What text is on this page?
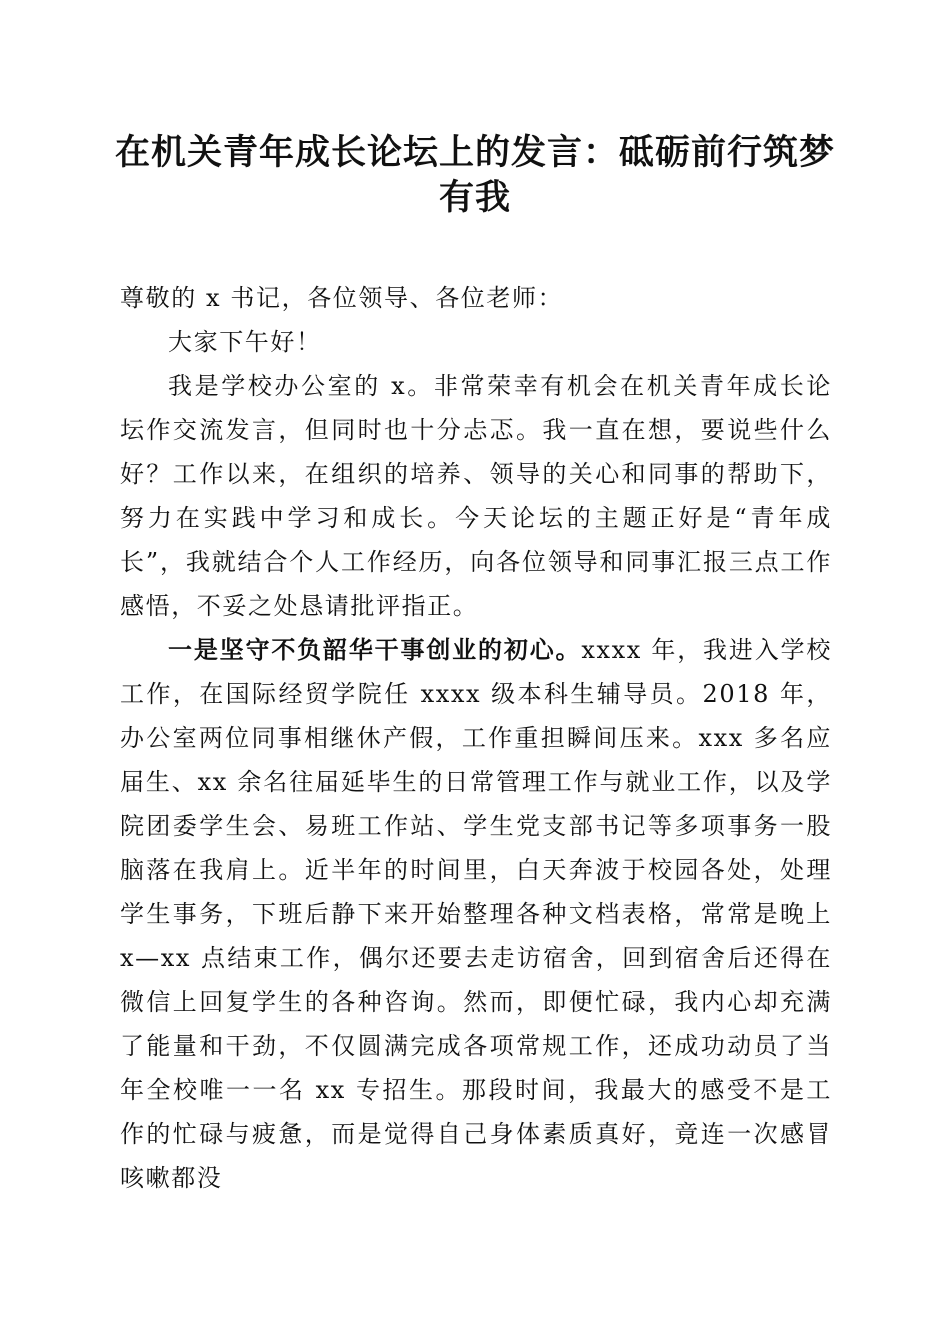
在机关青年成长论坛上的发言：砥砺前行筑梦
有我

尊敬的 x 书记，各位领导、各位老师：

大家下午好！

我是学校办公室的 x。非常荣幸有机会在机关青年成长论坛作交流发言，但同时也十分忐忑。我一直在想，要说些什么好？工作以来，在组织的培养、领导的关心和同事的帮助下，努力在实践中学习和成长。今天论坛的主题正好是“青年成长”，我就结合个人工作经历，向各位领导和同事汇报三点工作感悟，不妥之处恳请批评指正。

一是坚守不负韶华干事创业的初心。xxxx 年，我进入学校工作，在国际经贸学院任 xxxx 级本科生辅导员。2018 年，办公室两位同事相继休产假，工作重担瞬间压来。xxx 多名应届生、xx 余名往届延毕生的日常管理工作与就业工作，以及学院团委学生会、易班工作站、学生党支部书记等多项事务一股脑落在我肩上。近半年的时间里，白天奔波于校园各处，处理学生事务，下班后静下来开始整理各种文档表格，常常是晚上 x—xx 点结束工作，偶尔还要去走访宿舍，回到宿舍后还得在微信上回复学生的各种咨询。然而，即便忙碌，我内心却充满了能量和干劲，不仅圆满完成各项常规工作，还成功动员了当年全校唯一一名 xx 专招生。那段时间，我最大的感受不是工作的忙碌与疲惫，而是觉得自己身体素质真好，竟连一次感冒咳嗽都没
